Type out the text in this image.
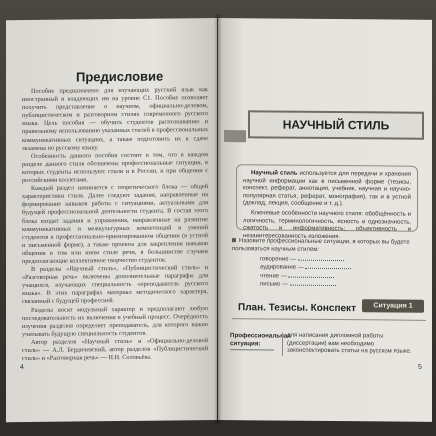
Предисловие

Пособие предназначено для изучающих русский язык как иностранный и владеющих им на уровне С1. Пособие позволяет получить представление о научном, официально-деловом, публицистическом и разговорном стилях современного русского языка. Цель пособия — обучить студентов распознаванию и правильному использованию указанных стилей в профессиональных коммуникативных ситуациях, а также подготовить их к сдаче экзамена по русскому языку.

Особенность данного пособия состоит в том, что в каждом разделе данного стиля обозначены профессиональные ситуации, в которых студенты используют стили и в России, и при общении с российскими коллегами.

Каждый раздел начинается с теоретического блока — общей характеристики стиля. Далее следуют задания, направленные на формирование навыков работы с ситуациями, актуальными для будущей профессиональной деятельности студента. В состав этого блока входят задания и упражнения, направленные на развитие коммуникативных и межкультурных компетенций и умений студентов в профессионально-ориентированном общении (в устной и письменной форме), а также проекты для закрепления навыков общения в том или ином стиле речи, в большинстве случаев предполагающие коллективное творчество студентов.

В разделы «Научный стиль», «Публицистический стиль» и «Разговорная речь» включены дополнительные параграфы для учащихся, изучающих специальность «преподаватель русского языка». В этих параграфах материал методического характера, связанный с будущей профессией.

Разделы носят модульный характер и предполагают любую последовательность их включения в учебный процесс. Очерёдность изучения разделов определяет преподаватель, для которого важно учитывать будущую специальность студентов.

Автор разделов «Научный стиль» и «Официально-деловой стиль» — А.Л. Бердичевский, автор разделов «Публицистический стиль» и «Разговорная речь» — Н.Н. Соловьёва.

4
НАУЧНЫЙ СТИЛЬ

Научный стиль используется для передачи и хранения научной информации как в письменной форме (тезисы, конспект, реферат, аннотация, учебник, научная и научно-популярная статья, реферат, монография), так и в устной (доклад, лекция, сообщение и т. д.).

Ключевые особенности научного стиля: обобщённость и логичность, терминологичность, ясность и однозначность, сжатость и информативность; объективность и незаинтересованность изложения.

Назовите профессиональные ситуации, в которых вы будете пользоваться научным стилем:
говорение —
аудирование —
чтение —
письмо —
Ситуация 1
План. Тезисы. Конспект
Профессиональная ситуация:
для написания дипломной работы (диссертации) вам необходимо законспектировать статьи на русском языке.
5
